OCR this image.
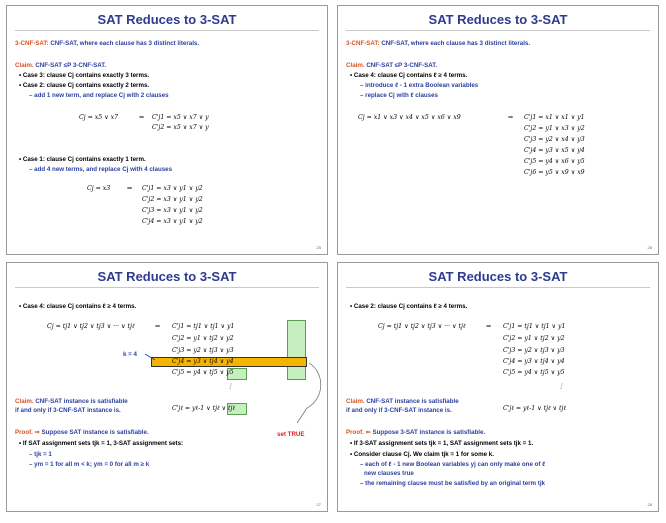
SAT Reduces to 3-SAT
3-CNF-SAT: CNF-SAT, where each clause has 3 distinct literals.
Claim. CNF-SAT ≤P 3-CNF-SAT.
• Case 3: clause Cj contains exactly 3 terms.
• Case 2: clause Cj contains exactly 2 terms.
– add 1 new term, and replace Cj with 2 clauses
Cj = x5 ∨ x7	⇒ C'j1 = x5 ∨ x7 ∨ y
C'j2 = x5 ∨ x7 ∨ y
• Case 1: clause Cj contains exactly 1 term.
– add 4 new terms, and replace Cj with 4 clauses
Cj = x3	⇒ C'j1 = x3 ∨ y1 ∨ y2
C'j2 = x3 ∨ y1 ∨ y2
C'j3 = x3 ∨ y1 ∨ y2
C'j4 = x3 ∨ y1 ∨ y2
25
SAT Reduces to 3-SAT
3-CNF-SAT: CNF-SAT, where each clause has 3 distinct literals.
Claim. CNF-SAT ≤P 3-CNF-SAT.
• Case 4: clause Cj contains ℓ ≥ 4 terms.
– introduce ℓ - 1 extra Boolean variables
– replace Cj with ℓ clauses
Cj = x1 ∨ x3 ∨ x4 ∨ x5 ∨ x6 ∨ x9	⇒ C'j1 = x1 ∨ x1 ∨ y1
C'j2 = y1 ∨ x3 ∨ y2
C'j3 = y2 ∨ x4 ∨ y3
C'j4 = y3 ∨ x5 ∨ y4
C'j5 = y4 ∨ x6 ∨ y5
C'j6 = y5 ∨ x9 ∨ x9
26
SAT Reduces to 3-SAT
• Case 4: clause Cj contains ℓ ≥ 4 terms.
Cj = tj1 ∨ tj2 ∨ tj3 ∨ ··· ∨ tjℓ	⇒ C'j1 = tj1 ∨ tj1 ∨ y1
C'j2 = y1 ∨ tj2 ∨ y2
C'j3 = y2 ∨ tj3 ∨ y3
C'j4 = y3 ∨ tj4 ∨ y4
C'j5 = y4 ∨ tj5 ∨ y5
⋮
C'jℓ = yℓ-1 ∨ tjℓ ∨ tjℓ
k = 4
Claim. CNF-SAT instance is satisfiable
if and only if 3-CNF-SAT instance is.
set TRUE
Proof. ⇒ Suppose SAT instance is satisfiable.
• If SAT assignment sets tjk = 1, 3-SAT assignment sets:
– tjk = 1
– ym = 1 for all m < k; ym = 0 for all m ≥ k
27
SAT Reduces to 3-SAT
• Case 2: clause Cj contains ℓ ≥ 4 terms.
Cj = tj1 ∨ tj2 ∨ tj3 ∨ ··· ∨ tjℓ	⇒ C'j1 = tj1 ∨ tj1 ∨ y1
C'j2 = y1 ∨ tj2 ∨ y2
C'j3 = y2 ∨ tj3 ∨ y3
C'j4 = y3 ∨ tj4 ∨ y4
C'j5 = y4 ∨ tj5 ∨ y5
⋮
C'jℓ = yℓ-1 ∨ tjℓ ∨ tjℓ
Claim. CNF-SAT instance is satisfiable
if and only if 3-CNF-SAT instance is.
Proof. ⇐ Suppose 3-SAT instance is satisfiable.
• If 3-SAT assignment sets tjk = 1, SAT assignment sets tjk = 1.
• Consider clause Cj. We claim tjk = 1 for some k.
– each of ℓ - 1 new Boolean variables yj can only make one of ℓ
new clauses true
– the remaining clause must be satisfied by an original term tjk
28
